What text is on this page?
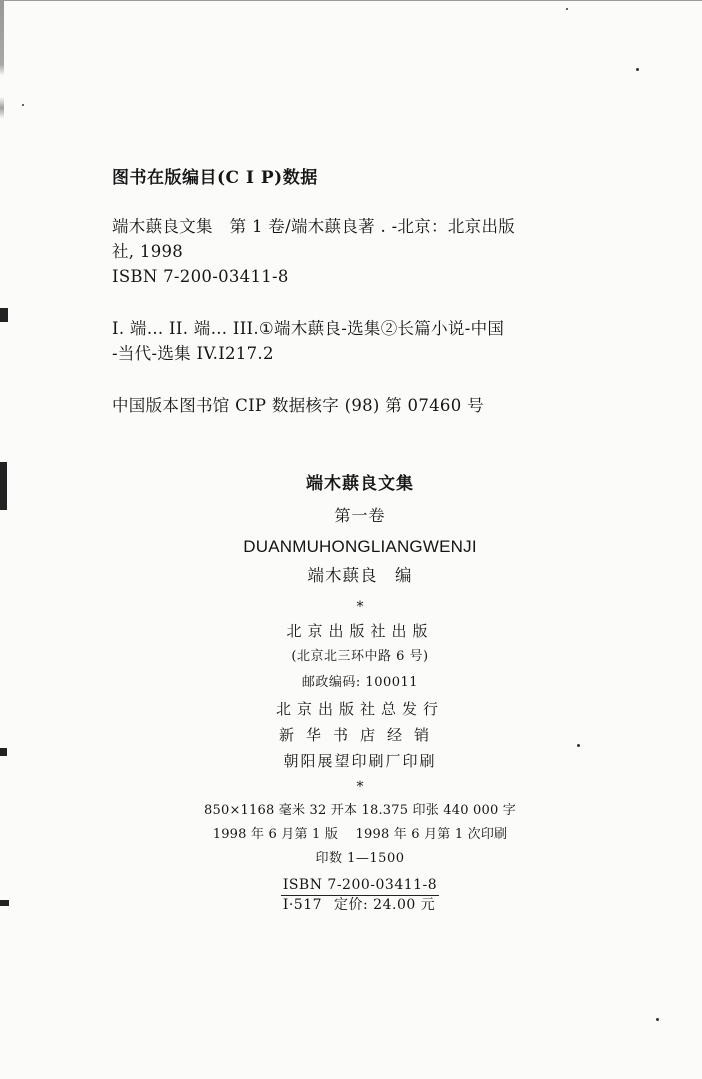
图书在版编目(C I P)数据
端木蕻良文集　第 1 卷/端木蕻良著 . -北京：北京出版
社, 1998
ISBN 7-200-03411-8
I. 端… II. 端… III.①端木蕻良-选集②长篇小说-中国
-当代-选集 IV.I217.2
中国版本图书馆 CIP 数据核字 (98) 第 07460 号
端木蕻良文集
第一卷
DUANMUHONGLIANGWENJI
端木蕻良　编
*
北京出版社出版
(北京北三环中路 6 号)
邮政编码: 100011
北京出版社总发行
新华书店经销
朝阳展望印刷厂印刷
*
850×1168 毫米 32 开本 18.375 印张 440 000 字
1998 年 6 月第 1 版　 1998 年 6 月第 1 次印刷
印数 1—1500
ISBN 7-200-03411-8
I·517 定价: 24.00 元
